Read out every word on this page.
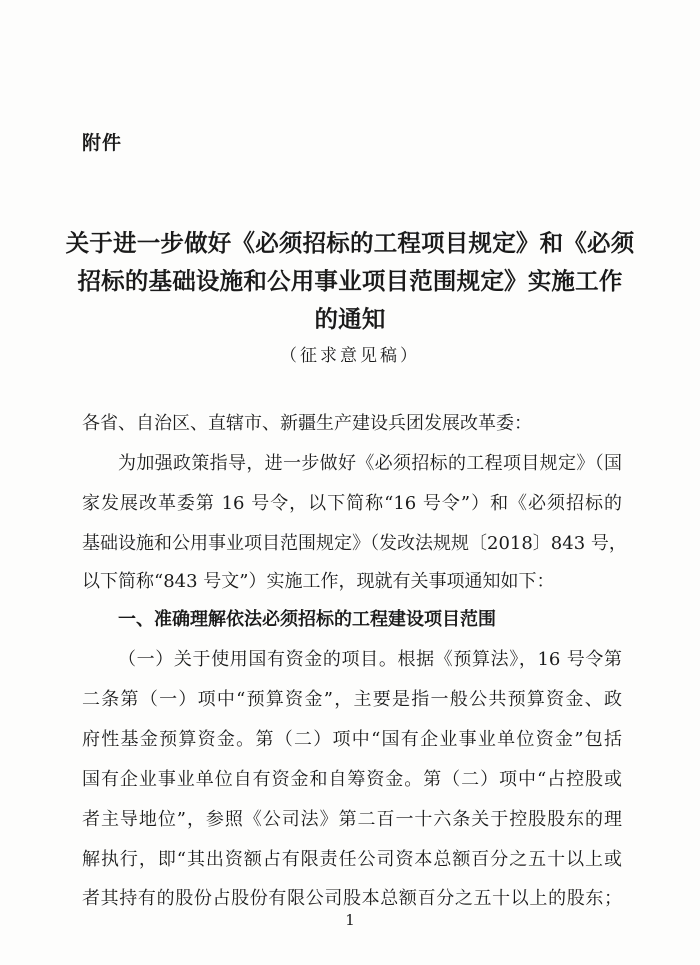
附件
关于进一步做好《必须招标的工程项目规定》和《必须
招标的基础设施和公用事业项目范围规定》实施工作
的通知
（征求意见稿）
各省、自治区、直辖市、新疆生产建设兵团发展改革委：
为加强政策指导，进一步做好《必须招标的工程项目规定》（国
家发展改革委第 16 号令，以下简称“16 号令”）和《必须招标的
基础设施和公用事业项目范围规定》（发改法规规〔2018〕843 号，
以下简称“843 号文”）实施工作，现就有关事项通知如下：
一、准确理解依法必须招标的工程建设项目范围
（一）关于使用国有资金的项目。根据《预算法》，16 号令第
二条第（一）项中“预算资金”，主要是指一般公共预算资金、政
府性基金预算资金。第（二）项中“国有企业事业单位资金”包括
国有企业事业单位自有资金和自筹资金。第（二）项中“占控股或
者主导地位”，参照《公司法》第二百一十六条关于控股股东的理
解执行，即“其出资额占有限责任公司资本总额百分之五十以上或
者其持有的股份占股份有限公司股本总额百分之五十以上的股东；
1
